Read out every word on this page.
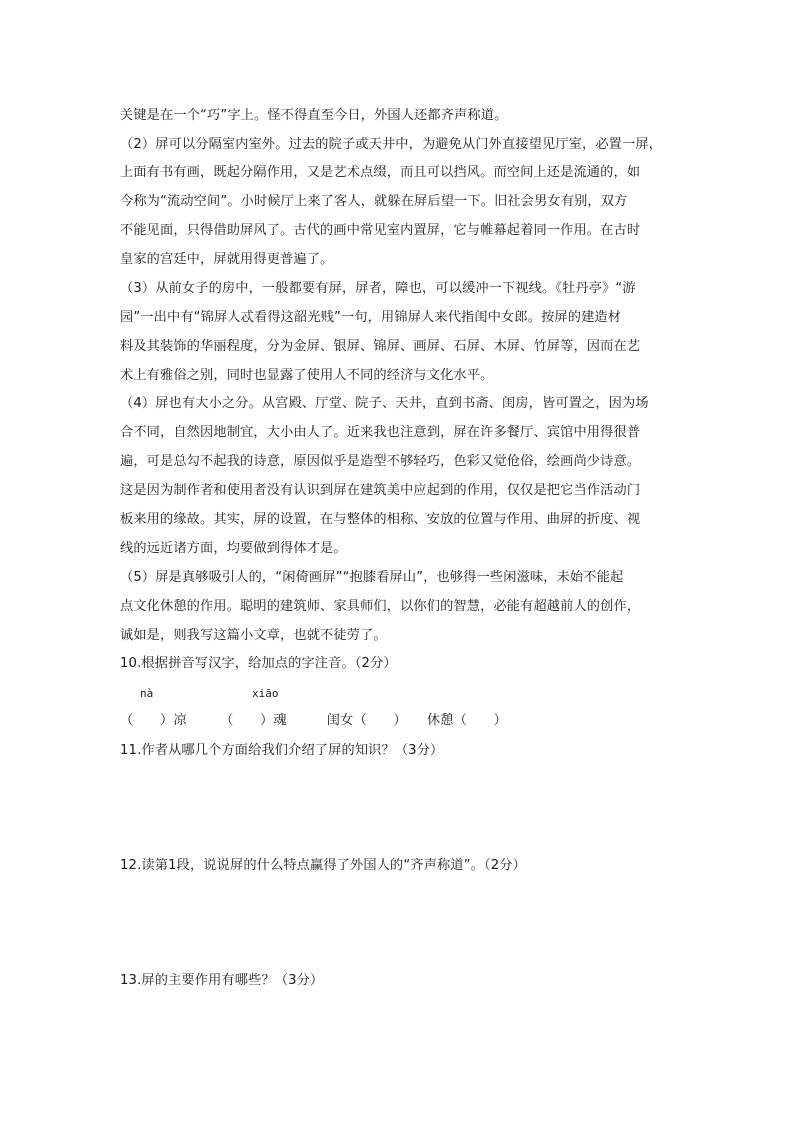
关键是在一个“巧”字上。怪不得直至今日，外国人还都齐声称道。
（2）屏可以分隔室内室外。过去的院子或天井中，为避免从门外直接望见厅室，必置一屏，
上面有书有画，既起分隔作用，又是艺术点缀，而且可以挡风。而空间上还是流通的，如
今称为“流动空间”。小时候厅上来了客人，就躲在屏后望一下。旧社会男女有别，双方
不能见面，只得借助屏风了。古代的画中常见室内置屏，它与帷幕起着同一作用。在古时
皇家的宫廷中，屏就用得更普遍了。
（3）从前女子的房中，一般都要有屏，屏者，障也，可以缓冲一下视线。《牡丹亭》“游
园”一出中有“锦屏人忒看得这韶光贱”一句，用锦屏人来代指闺中女郎。按屏的建造材
料及其装饰的华丽程度，分为金屏、银屏、锦屏、画屏、石屏、木屏、竹屏等，因而在艺
术上有雅俗之别，同时也显露了使用人不同的经济与文化水平。
（4）屏也有大小之分。从宫殿、厅堂、院子、天井，直到书斋、闺房，皆可置之，因为场
合不同，自然因地制宜，大小由人了。近来我也注意到，屏在许多餐厅、宾馆中用得很普
遍，可是总勾不起我的诗意，原因似乎是造型不够轻巧，色彩又觉伧俗，绘画尚少诗意。
这是因为制作者和使用者没有认识到屏在建筑美中应起到的作用，仅仅是把它当作活动门
板来用的缘故。其实，屏的设置，在与整体的相称、安放的位置与作用、曲屏的折度、视
线的远近诸方面，均要做到得体才是。
（5）屏是真够吸引人的，“闲倚画屏”“抱膝看屏山”，也够得一些闲滋味，未始不能起
点文化休憩的作用。聪明的建筑师、家具师们，以你们的智慧，必能有超越前人的创作，
诚如是，则我写这篇小文章，也就不徒劳了。
10.根据拼音写汉字，给加点的字注音。（2分）
nà	xiāo
（　　）凉　　　（　　）魂　　　闺女（　　）　　休憩（　　）
11.作者从哪几个方面给我们介绍了屏的知识？（3分）
12.读第1段，说说屏的什么特点赢得了外国人的“齐声称道”。（2分）
13.屏的主要作用有哪些？（3分）
